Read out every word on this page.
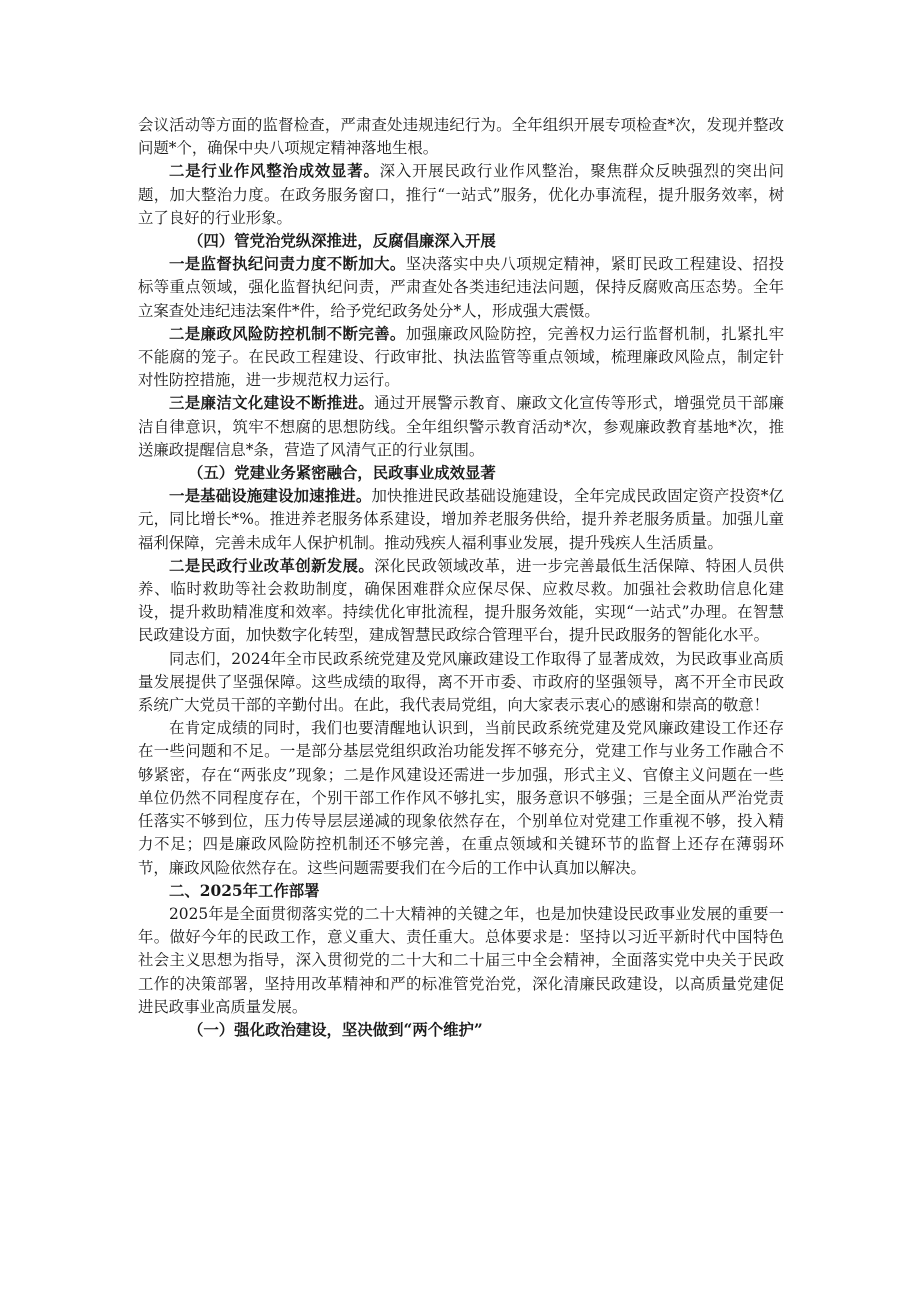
会议活动等方面的监督检查，严肃查处违规违纪行为。全年组织开展专项检查*次，发现并整改问题*个，确保中央八项规定精神落地生根。

二是行业作风整治成效显著。深入开展民政行业作风整治，聚焦群众反映强烈的突出问题，加大整治力度。在政务服务窗口，推行“一站式”服务，优化办事流程，提升服务效率，树立了良好的行业形象。

（四）管党治党纵深推进，反腐倡廉深入开展

一是监督执纪问责力度不断加大。坚决落实中央八项规定精神，紧盯民政工程建设、招投标等重点领域，强化监督执纪问责，严肃查处各类违纪违法问题，保持反腐败高压态势。全年立案查处违纪违法案件*件，给予党纪政务处分*人，形成强大震慑。

二是廉政风险防控机制不断完善。加强廉政风险防控，完善权力运行监督机制，扎紧扎牢不能腐的笼子。在民政工程建设、行政审批、执法监管等重点领域，梳理廉政风险点，制定针对性防控措施，进一步规范权力运行。

三是廉洁文化建设不断推进。通过开展警示教育、廉政文化宣传等形式，增强党员干部廉洁自律意识，筑牢不想腐的思想防线。全年组织警示教育活动*次，参观廉政教育基地*次，推送廉政提醒信息*条，营造了风清气正的行业氛围。

（五）党建业务紧密融合，民政事业成效显著

一是基础设施建设加速推进。加快推进民政基础设施建设，全年完成民政固定资产投资*亿元，同比增长*%。推进养老服务体系建设，增加养老服务供给，提升养老服务质量。加强儿童福利保障，完善未成年人保护机制。推动残疾人福利事业发展，提升残疾人生活质量。

二是民政行业改革创新发展。深化民政领域改革，进一步完善最低生活保障、特困人员供养、临时救助等社会救助制度，确保困难群众应保尽保、应救尽救。加强社会救助信息化建设，提升救助精准度和效率。持续优化审批流程，提升服务效能，实现“一站式”办理。在智慧民政建设方面，加快数字化转型，建成智慧民政综合管理平台，提升民政服务的智能化水平。

同志们，2024年全市民政系统党建及党风廉政建设工作取得了显著成效，为民政事业高质量发展提供了坚强保障。这些成绩的取得，离不开市委、市政府的坚强领导，离不开全市民政系统广大党员干部的辛勤付出。在此，我代表局党组，向大家表示衷心的感谢和崇高的敬意！

在肯定成绩的同时，我们也要清醒地认识到，当前民政系统党建及党风廉政建设工作还存在一些问题和不足。一是部分基层党组织政治功能发挥不够充分，党建工作与业务工作融合不够紧密，存在“两张皮”现象；二是作风建设还需进一步加强，形式主义、官僚主义问题在一些单位仍然不同程度存在，个别干部工作作风不够扎实，服务意识不够强；三是全面从严治党责任落实不够到位，压力传导层层递减的现象依然存在，个别单位对党建工作重视不够，投入精力不足；四是廉政风险防控机制还不够完善，在重点领域和关键环节的监督上还存在薄弱环节，廉政风险依然存在。这些问题需要我们在今后的工作中认真加以解决。

二、2025年工作部署

2025年是全面贯彻落实党的二十大精神的关键之年，也是加快建设民政事业发展的重要一年。做好今年的民政工作，意义重大、责任重大。总体要求是：坚持以习近平新时代中国特色社会主义思想为指导，深入贯彻党的二十大和二十届三中全会精神，全面落实党中央关于民政工作的决策部署，坚持用改革精神和严的标准管党治党，深化清廉民政建设，以高质量党建促进民政事业高质量发展。

（一）强化政治建设，坚决做到“两个维护”
